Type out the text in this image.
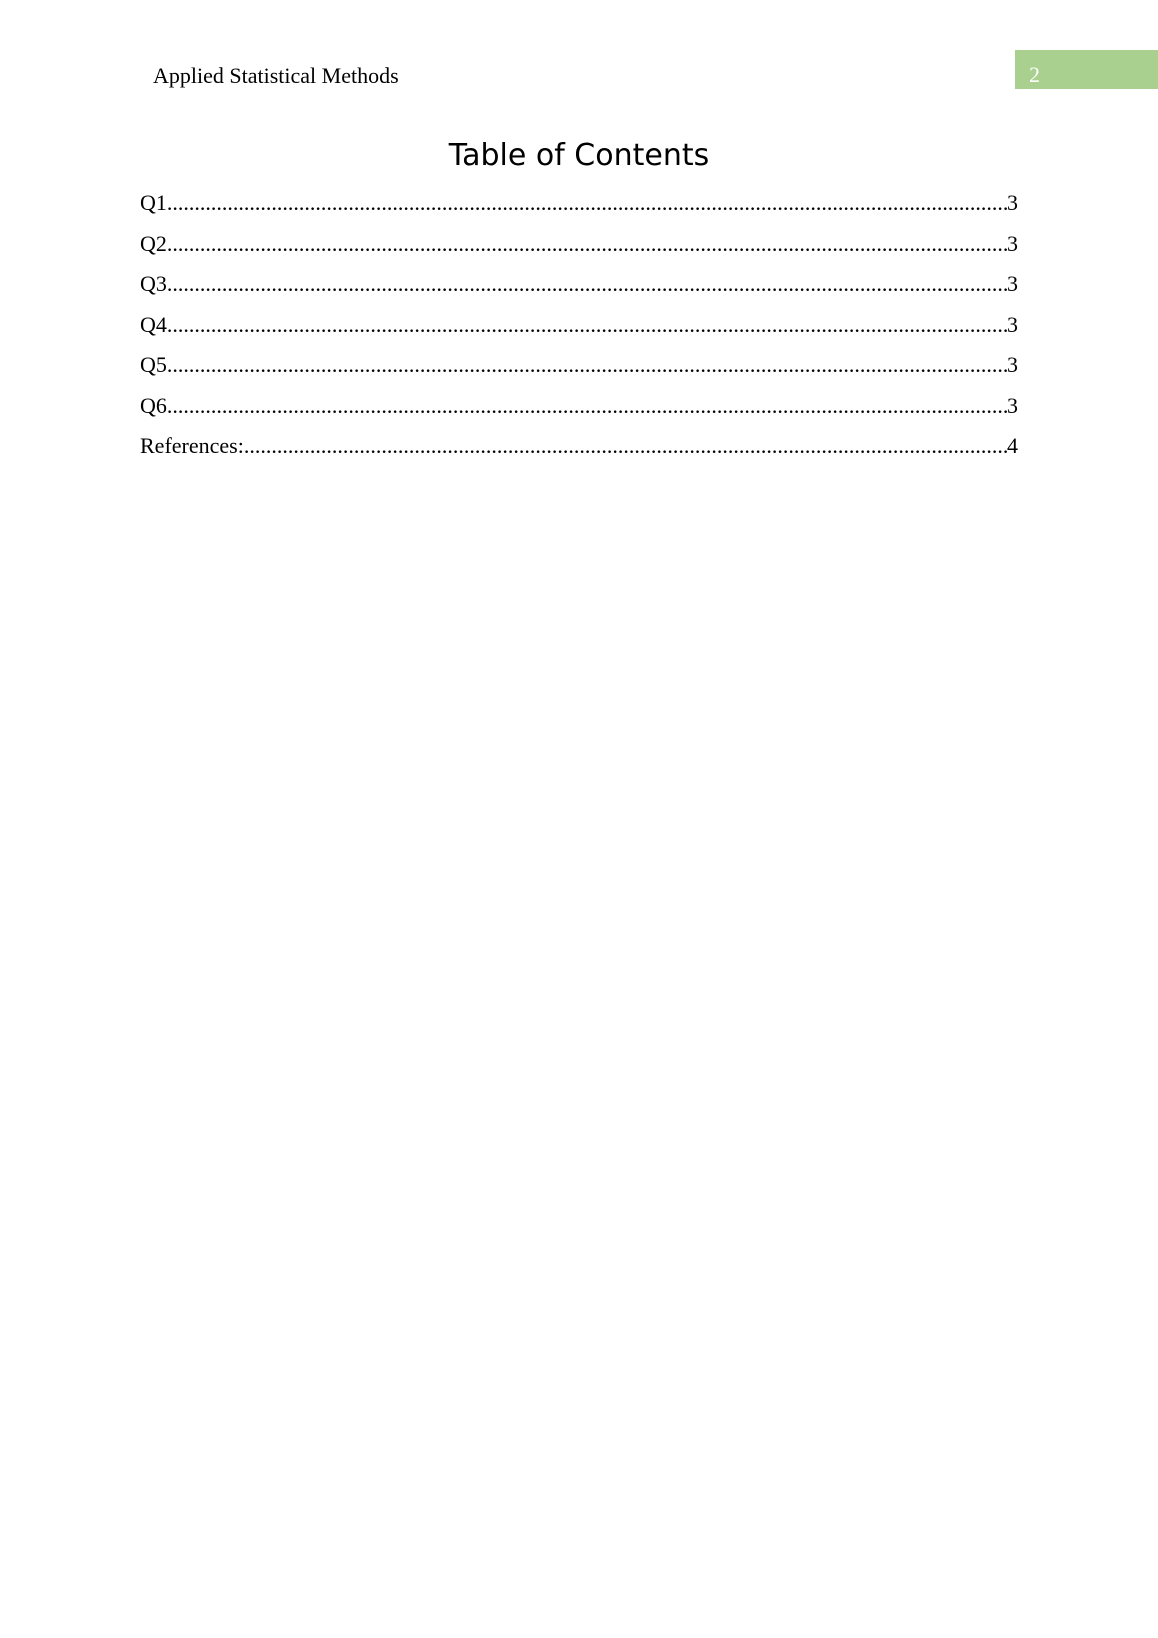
Applied Statistical Methods	2
Table of Contents
Q1 .....	3
Q2 .....	3
Q3 .....	3
Q4 .....	3
Q5 .....	3
Q6 .....	3
References: .....	4
